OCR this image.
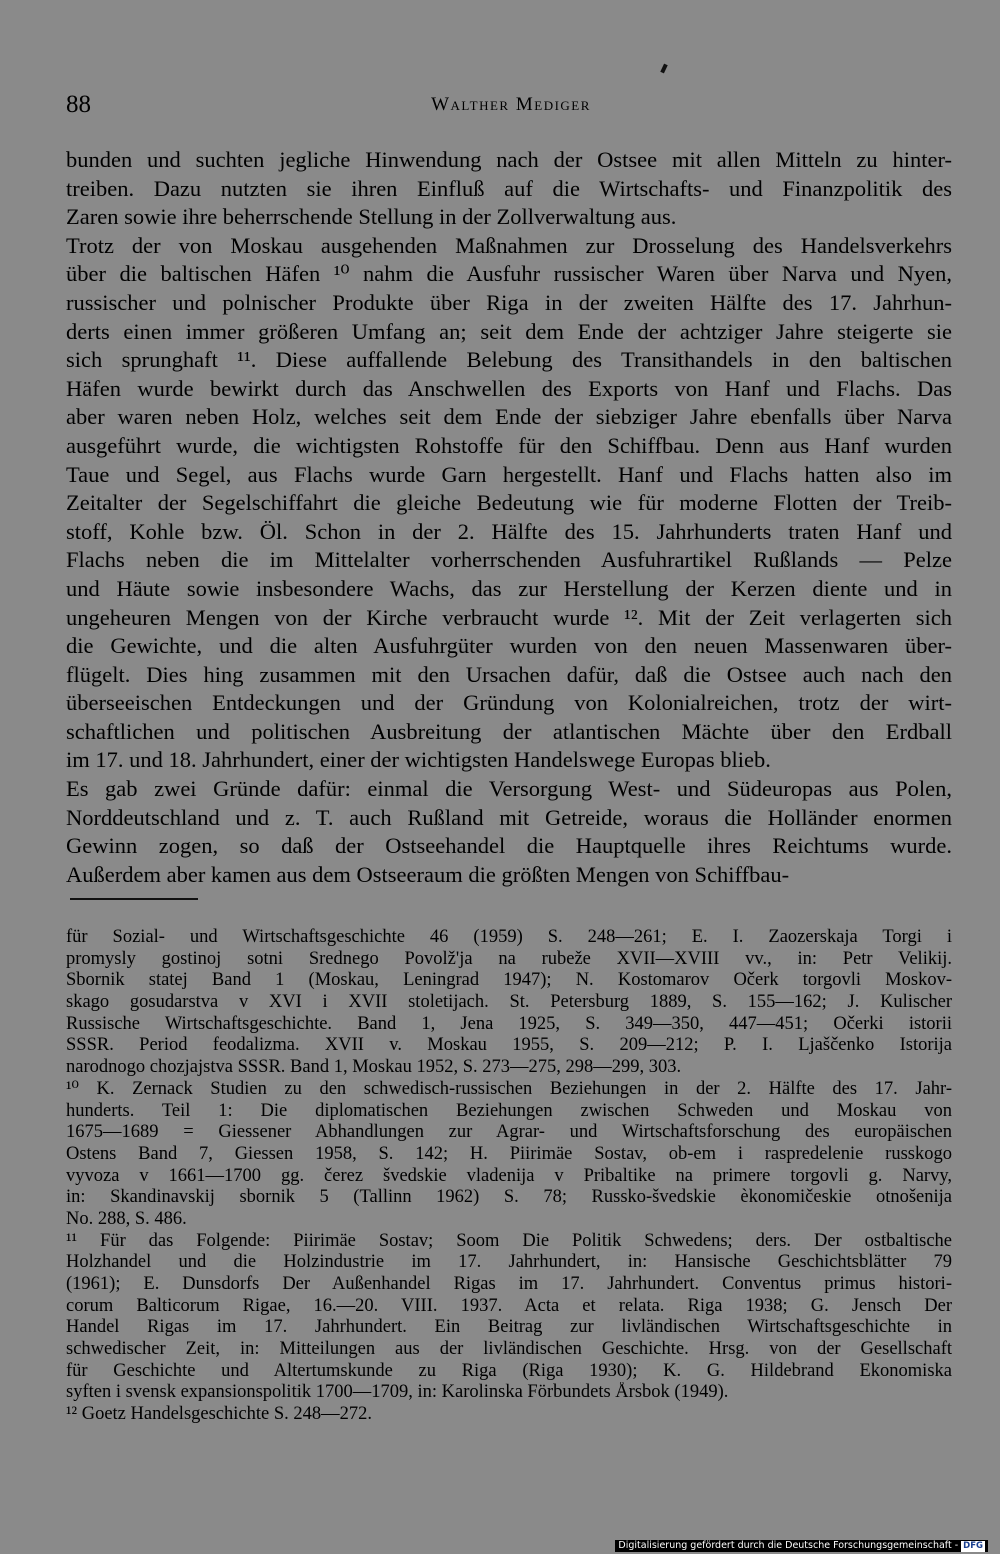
88	Walther Mediger
bunden und suchten jegliche Hinwendung nach der Ostsee mit allen Mitteln zu hinter-
treiben. Dazu nutzten sie ihren Einfluß auf die Wirtschafts- und Finanzpolitik des
Zaren sowie ihre beherrschende Stellung in der Zollverwaltung aus.
Trotz der von Moskau ausgehenden Maßnahmen zur Drosselung des Handelsverkehrs
über die baltischen Häfen ¹⁰ nahm die Ausfuhr russischer Waren über Narva und Nyen,
russischer und polnischer Produkte über Riga in der zweiten Hälfte des 17. Jahrhun-
derts einen immer größeren Umfang an; seit dem Ende der achtziger Jahre steigerte sie
sich sprunghaft ¹¹. Diese auffallende Belebung des Transithandels in den baltischen
Häfen wurde bewirkt durch das Anschwellen des Exports von Hanf und Flachs. Das
aber waren neben Holz, welches seit dem Ende der siebziger Jahre ebenfalls über Narva
ausgeführt wurde, die wichtigsten Rohstoffe für den Schiffbau. Denn aus Hanf wurden
Taue und Segel, aus Flachs wurde Garn hergestellt. Hanf und Flachs hatten also im
Zeitalter der Segelschiffahrt die gleiche Bedeutung wie für moderne Flotten der Treib-
stoff, Kohle bzw. Öl. Schon in der 2. Hälfte des 15. Jahrhunderts traten Hanf und
Flachs neben die im Mittelalter vorherrschenden Ausfuhrartikel Rußlands — Pelze
und Häute sowie insbesondere Wachs, das zur Herstellung der Kerzen diente und in
ungeheuren Mengen von der Kirche verbraucht wurde ¹². Mit der Zeit verlagerten sich
die Gewichte, und die alten Ausfuhrgüter wurden von den neuen Massenwaren über-
flügelt. Dies hing zusammen mit den Ursachen dafür, daß die Ostsee auch nach den
überseeischen Entdeckungen und der Gründung von Kolonialreichen, trotz der wirt-
schaftlichen und politischen Ausbreitung der atlantischen Mächte über den Erdball
im 17. und 18. Jahrhundert, einer der wichtigsten Handelswege Europas blieb.
Es gab zwei Gründe dafür: einmal die Versorgung West- und Südeuropas aus Polen,
Norddeutschland und z. T. auch Rußland mit Getreide, woraus die Holländer enormen
Gewinn zogen, so daß der Ostseehandel die Hauptquelle ihres Reichtums wurde.
Außerdem aber kamen aus dem Ostseeraum die größten Mengen von Schiffbau-
für Sozial- und Wirtschaftsgeschichte 46 (1959) S. 248—261; E. I. Zaozerskaja Torgi i
promysly gostinoj sotni Srednego Povolž'ja na rubeže XVII—XVIII vv., in: Petr Velikij.
Sbornik statej Band 1 (Moskau, Leningrad 1947); N. Kostomarov Očerk torgovli Moskov-
skago gosudarstva v XVI i XVII stoletijach. St. Petersburg 1889, S. 155—162; J. Kulischer
Russische Wirtschaftsgeschichte. Band 1, Jena 1925, S. 349—350, 447—451; Očerki istorii
SSSR. Period feodalizma. XVII v. Moskau 1955, S. 209—212; P. I. Ljaščenko Istorija
narodnogo chozjajstva SSSR. Band 1, Moskau 1952, S. 273—275, 298—299, 303.
¹⁰ K. Zernack Studien zu den schwedisch-russischen Beziehungen in der 2. Hälfte des 17. Jahr-
hunderts. Teil 1: Die diplomatischen Beziehungen zwischen Schweden und Moskau von
1675—1689 = Giessener Abhandlungen zur Agrar- und Wirtschaftsforschung des europäischen
Ostens Band 7, Giessen 1958, S. 142; H. Piirimäe Sostav, ob-em i raspredelenie russkogo
vyvoza v 1661—1700 gg. čerez švedskie vladenija v Pribaltike na primere torgovli g. Narvy,
in: Skandinavskij sbornik 5 (Tallinn 1962) S. 78; Russko-švedskie èkonomičeskie otnošenija
No. 288, S. 486.
¹¹ Für das Folgende: Piirimäe Sostav; Soom Die Politik Schwedens; ders. Der ostbaltische
Holzhandel und die Holzindustrie im 17. Jahrhundert, in: Hansische Geschichtsblätter 79
(1961); E. Dunsdorfs Der Außenhandel Rigas im 17. Jahrhundert. Conventus primus histori-
corum Balticorum Rigae, 16.—20. VIII. 1937. Acta et relata. Riga 1938; G. Jensch Der
Handel Rigas im 17. Jahrhundert. Ein Beitrag zur livländischen Wirtschaftsgeschichte in
schwedischer Zeit, in: Mitteilungen aus der livländischen Geschichte. Hrsg. von der Gesellschaft
für Geschichte und Altertumskunde zu Riga (Riga 1930); K. G. Hildebrand Ekonomiska
syften i svensk expansionspolitik 1700—1709, in: Karolinska Förbundets Årsbok (1949).
¹² Goetz Handelsgeschichte S. 248—272.
Digitalisierung gefördert durch die Deutsche Forschungsgemeinschaft - DFG
